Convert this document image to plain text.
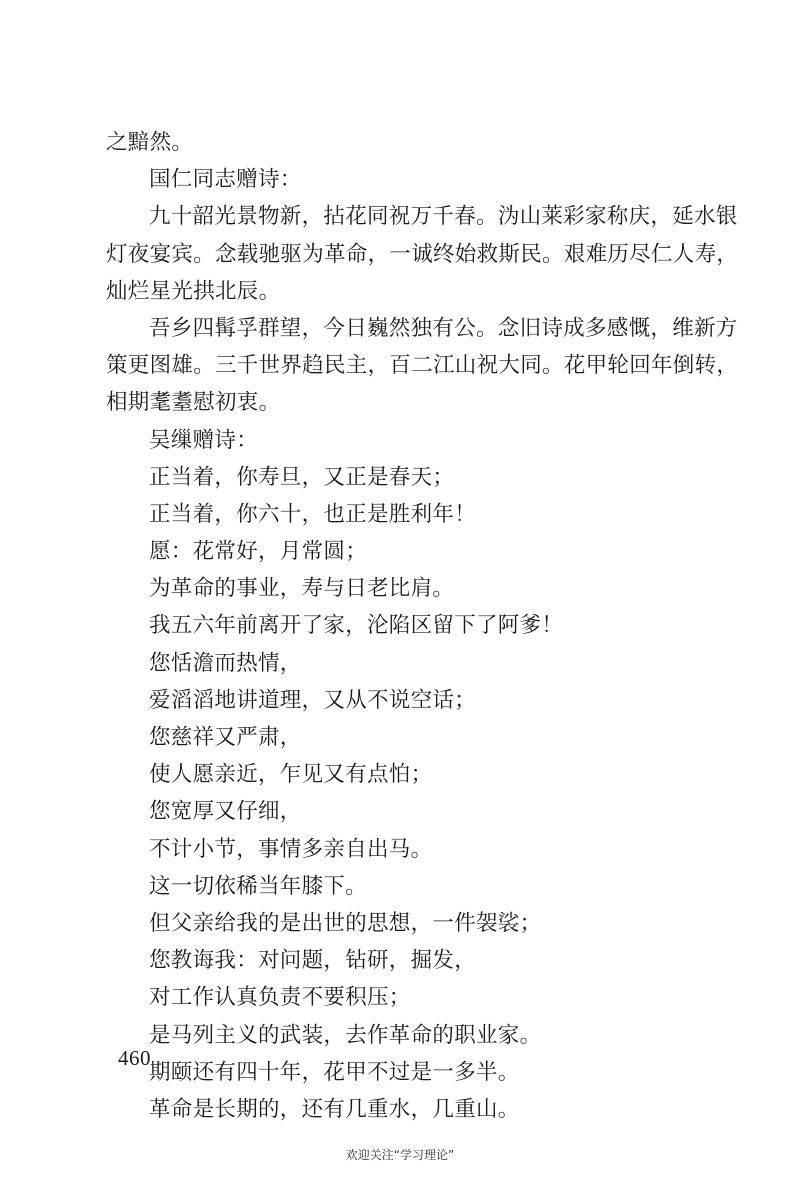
之黯然。
国仁同志赠诗：
九十韶光景物新，拈花同祝万千春。沩山莱彩家称庆，延水银
灯夜宴宾。念载驰驱为革命，一诚终始救斯民。艰难历尽仁人寿，
灿烂星光拱北辰。
吾乡四髯孚群望，今日巍然独有公。念旧诗成多感慨，维新方
策更图雄。三千世界趋民主，百二江山祝大同。花甲轮回年倒转，
相期耄耋慰初衷。
吴缫赠诗：
正当着，你寿旦，又正是春天；
正当着，你六十，也正是胜利年！
愿：花常好，月常圆；
为革命的事业，寿与日老比肩。
我五六年前离开了家，沦陷区留下了阿爹！
您恬澹而热情，
爱滔滔地讲道理，又从不说空话；
您慈祥又严肃，
使人愿亲近，乍见又有点怕；
您宽厚又仔细，
不计小节，事情多亲自出马。
这一切依稀当年膝下。
但父亲给我的是出世的思想，一件袈裟；
您教诲我：对问题，钻研，掘发，
对工作认真负责不要积压；
是马列主义的武装，去作革命的职业家。
期颐还有四十年，花甲不过是一多半。
革命是长期的，还有几重水，几重山。
460
欢迎关注“学习理论”
